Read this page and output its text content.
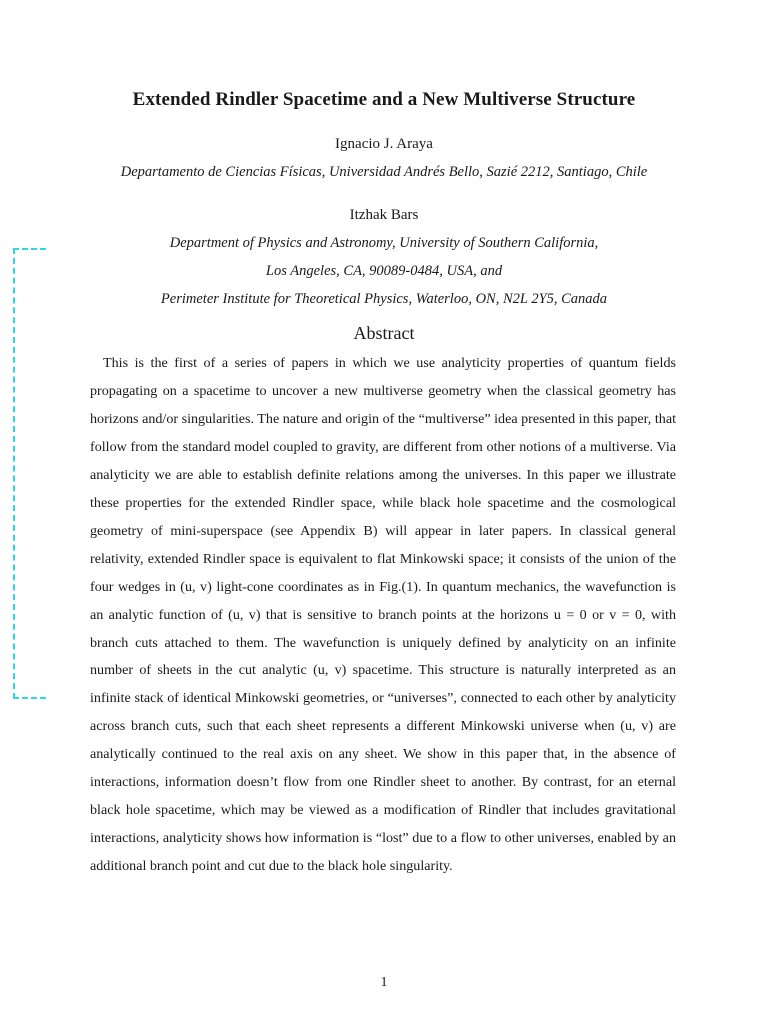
Extended Rindler Spacetime and a New Multiverse Structure
Ignacio J. Araya
Departamento de Ciencias Físicas, Universidad Andrés Bello, Sazié 2212, Santiago, Chile
Itzhak Bars
Department of Physics and Astronomy, University of Southern California,
Los Angeles, CA, 90089-0484, USA, and
Perimeter Institute for Theoretical Physics, Waterloo, ON, N2L 2Y5, Canada
Abstract

This is the first of a series of papers in which we use analyticity properties of quantum fields propagating on a spacetime to uncover a new multiverse geometry when the classical geometry has horizons and/or singularities. The nature and origin of the “multiverse” idea presented in this paper, that follow from the standard model coupled to gravity, are different from other notions of a multiverse. Via analyticity we are able to establish definite relations among the universes. In this paper we illustrate these properties for the extended Rindler space, while black hole spacetime and the cosmological geometry of mini-superspace (see Appendix B) will appear in later papers. In classical general relativity, extended Rindler space is equivalent to flat Minkowski space; it consists of the union of the four wedges in (u, v) light-cone coordinates as in Fig.(1). In quantum mechanics, the wavefunction is an analytic function of (u, v) that is sensitive to branch points at the horizons u = 0 or v = 0, with branch cuts attached to them. The wavefunction is uniquely defined by analyticity on an infinite number of sheets in the cut analytic (u, v) spacetime. This structure is naturally interpreted as an infinite stack of identical Minkowski geometries, or “universes”, connected to each other by analyticity across branch cuts, such that each sheet represents a different Minkowski universe when (u, v) are analytically continued to the real axis on any sheet. We show in this paper that, in the absence of interactions, information doesn’t flow from one Rindler sheet to another. By contrast, for an eternal black hole spacetime, which may be viewed as a modification of Rindler that includes gravitational interactions, analyticity shows how information is “lost” due to a flow to other universes, enabled by an additional branch point and cut due to the black hole singularity.

1
